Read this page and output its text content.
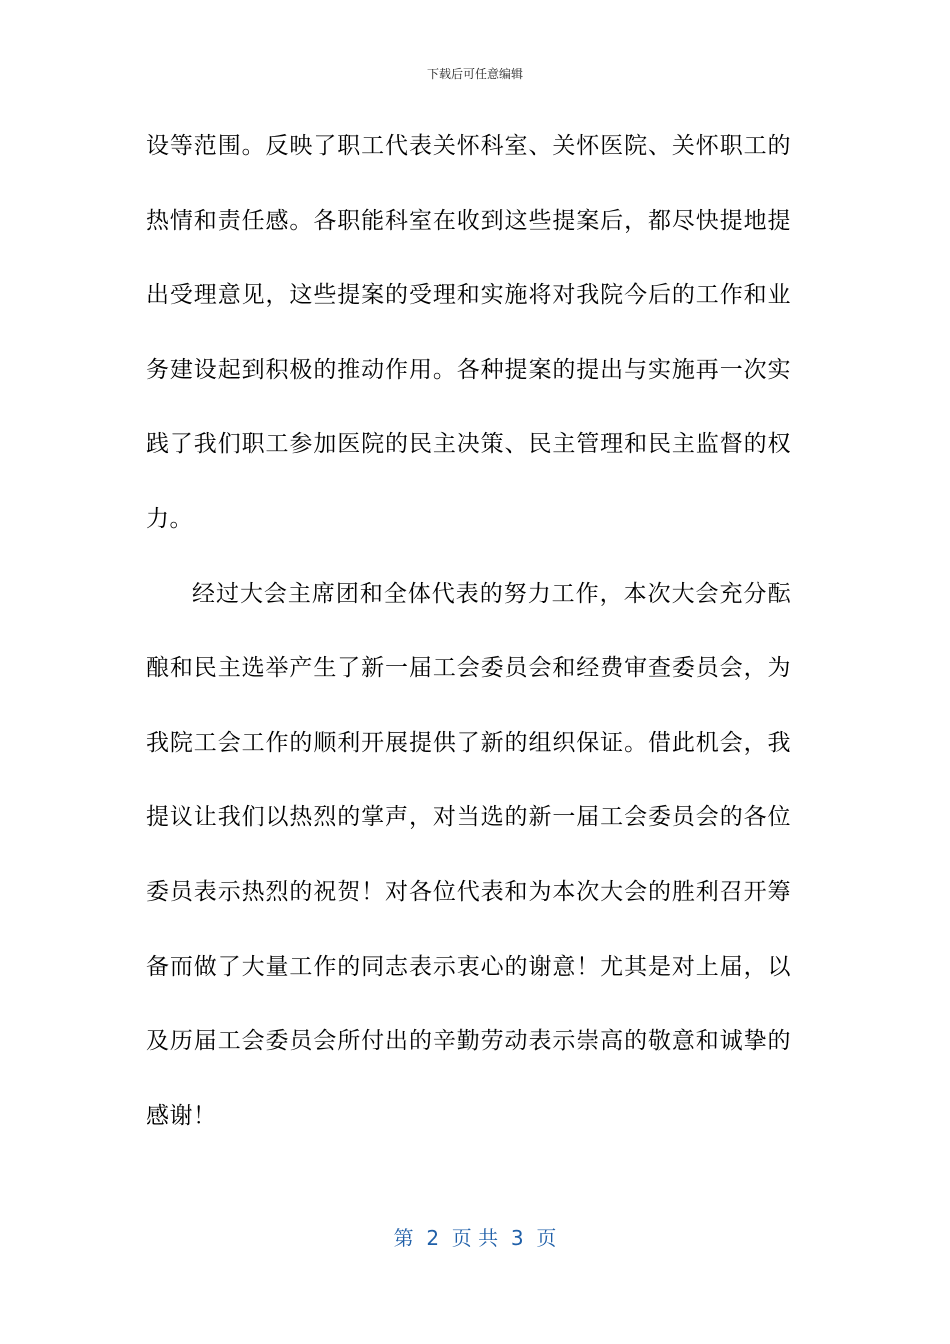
下载后可任意编辑
设等范围。反映了职工代表关怀科室、关怀医院、关怀职工的
热情和责任感。各职能科室在收到这些提案后，都尽快提地提
出受理意见，这些提案的受理和实施将对我院今后的工作和业
务建设起到积极的推动作用。各种提案的提出与实施再一次实
践了我们职工参加医院的民主决策、民主管理和民主监督的权
力。
经过大会主席团和全体代表的努力工作，本次大会充分酝
酿和民主选举产生了新一届工会委员会和经费审查委员会，为
我院工会工作的顺利开展提供了新的组织保证。借此机会，我
提议让我们以热烈的掌声，对当选的新一届工会委员会的各位
委员表示热烈的祝贺！对各位代表和为本次大会的胜利召开筹
备而做了大量工作的同志表示衷心的谢意！尤其是对上届，以
及历届工会委员会所付出的辛勤劳动表示崇高的敬意和诚挚的
感谢！
第  2  页 共  3  页
